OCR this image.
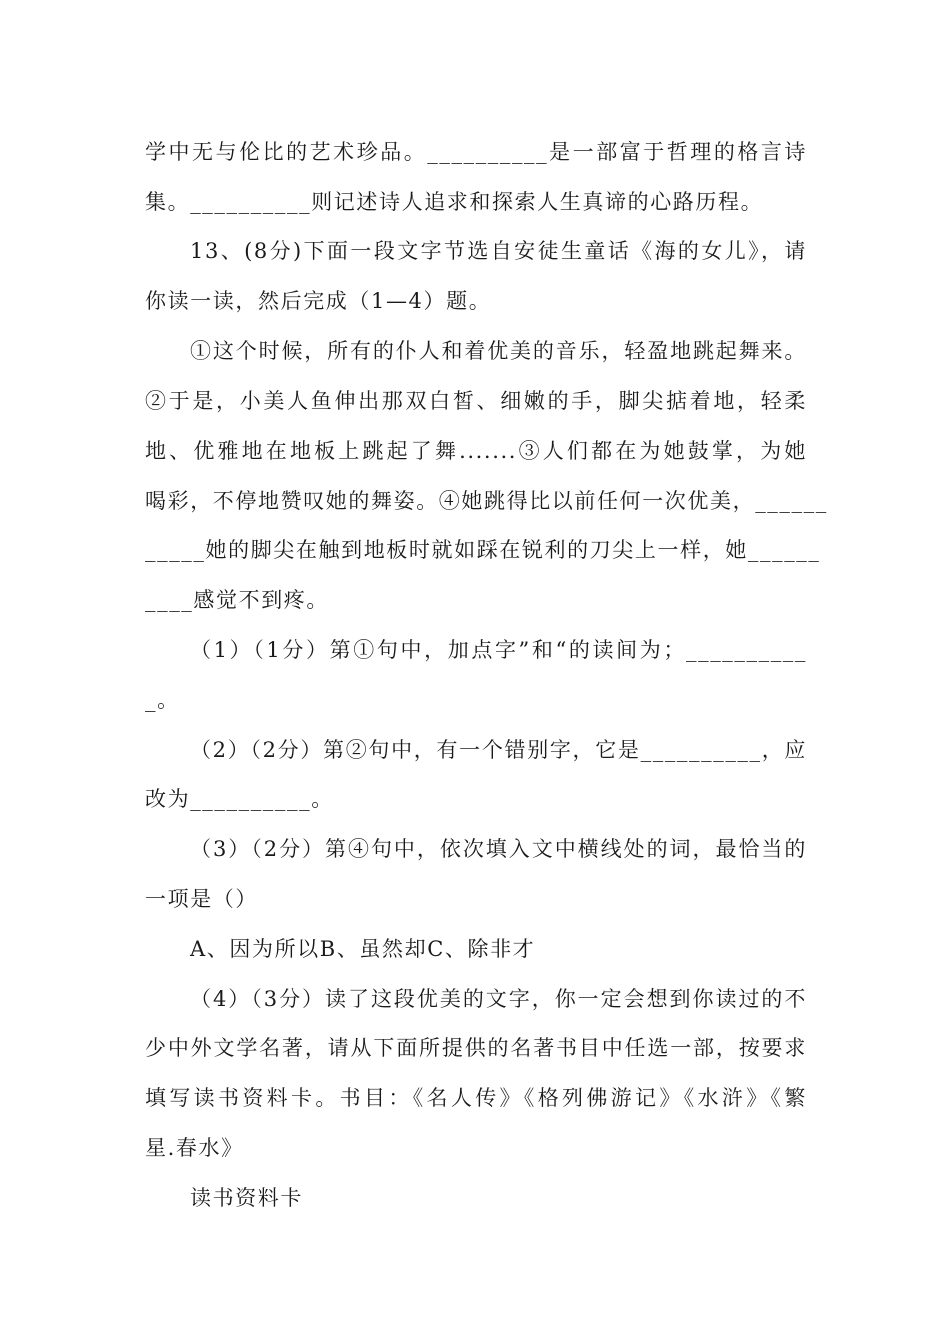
学中无与伦比的艺术珍品。__________是一部富于哲理的格言诗
集。__________则记述诗人追求和探索人生真谛的心路历程。
13、(8分)下面一段文字节选自安徒生童话《海的女儿》，请
你读一读，然后完成（1—4）题。
①这个时候，所有的仆人和着优美的音乐，轻盈地跳起舞来。
②于是，小美人鱼伸出那双白皙、细嫩的手，脚尖掂着地，轻柔
地、优雅地在地板上跳起了舞.......③人们都在为她鼓掌，为她
喝彩，不停地赞叹她的舞姿。④她跳得比以前任何一次优美，______
_____她的脚尖在触到地板时就如踩在锐利的刀尖上一样，她______
____感觉不到疼。
（1）（1分）第①句中，加点字”和“的读间为；__________
_。
（2）（2分）第②句中，有一个错别字，它是__________，应
改为__________。
（3）（2分）第④句中，依次填入文中横线处的词，最恰当的
一项是（）
A、因为所以B、虽然却C、除非才
（4）（3分）读了这段优美的文字，你一定会想到你读过的不
少中外文学名著，请从下面所提供的名著书目中任选一部，按要求
填写读书资料卡。书目：《名人传》《格列佛游记》《水浒》《繁
星.春水》
读书资料卡
